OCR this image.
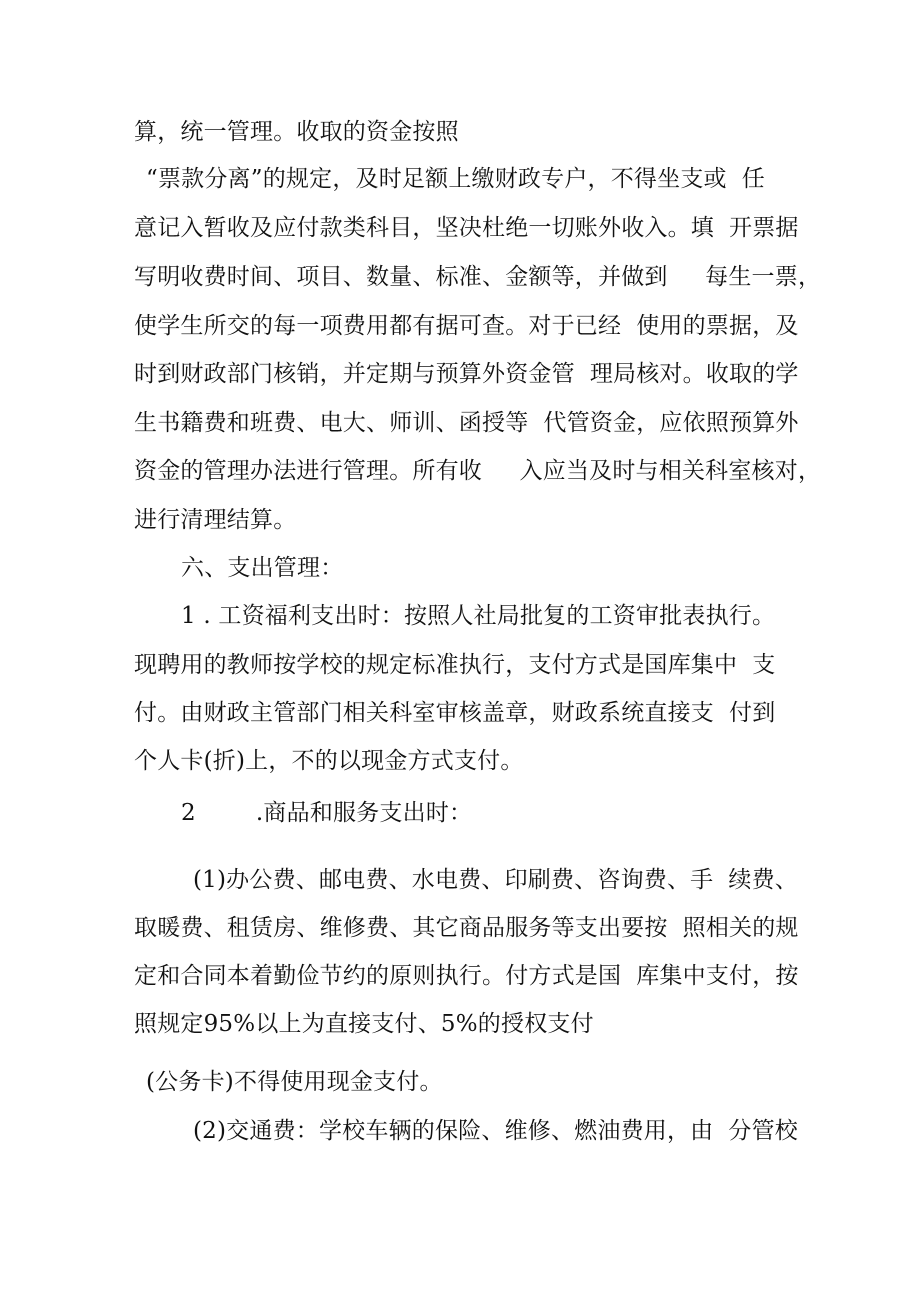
算，统一管理。收取的资金按照
“票款分离”的规定，及时足额上缴财政专户，不得坐支或  任
意记入暂收及应付款类科目，坚决杜绝一切账外收入。填  开票据
写明收费时间、项目、数量、标准、金额等，并做到     每生一票，
使学生所交的每一项费用都有据可查。对于已经  使用的票据，及
时到财政部门核销，并定期与预算外资金管  理局核对。收取的学
生书籍费和班费、电大、师训、函授等  代管资金，应依照预算外
资金的管理办法进行管理。所有收     入应当及时与相关科室核对，
进行清理结算。
六、支出管理：
1 . 工资福利支出时：按照人社局批复的工资审批表执行。
现聘用的教师按学校的规定标准执行，支付方式是国库集中  支
付。由财政主管部门相关科室审核盖章，财政系统直接支  付到
个人卡(折)上，不的以现金方式支付。
2        .商品和服务支出时：
(1)办公费、邮电费、水电费、印刷费、咨询费、手  续费、
取暖费、租赁房、维修费、其它商品服务等支出要按  照相关的规
定和合同本着勤俭节约的原则执行。付方式是国  库集中支付，按
照规定95%以上为直接支付、5%的授权支付
(公务卡)不得使用现金支付。
(2)交通费：学校车辆的保险、维修、燃油费用，由  分管校
